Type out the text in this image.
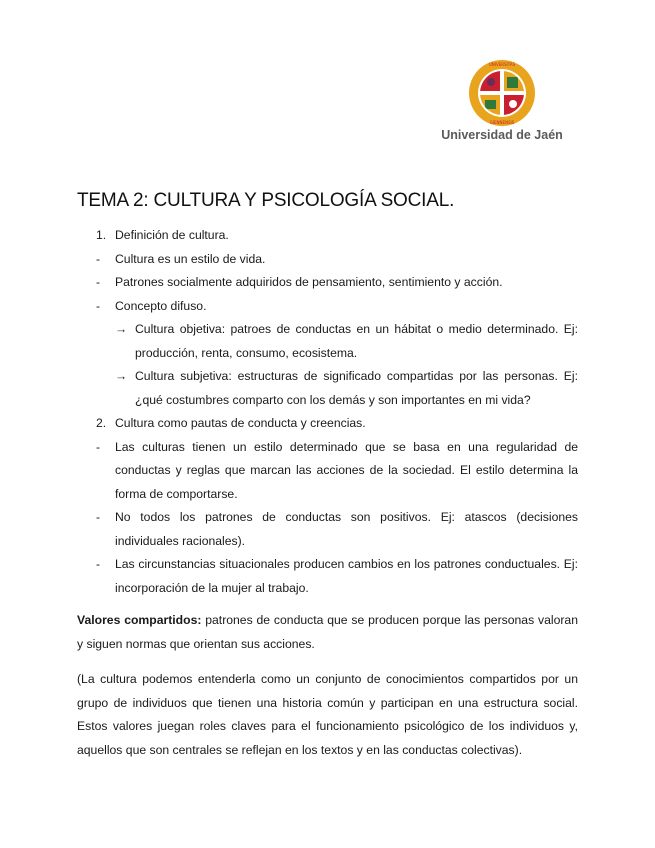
UNIVERSITAS
GIENNENSIS
Universidad de Jaén
TEMA 2: CULTURA Y PSICOLOGÍA SOCIAL.
1. Definición de cultura.
-	Cultura es un estilo de vida.
-	Patrones socialmente adquiridos de pensamiento, sentimiento y acción.
-	Concepto difuso.
→ Cultura objetiva: patroes de conductas en un hábitat o medio determinado. Ej: producción, renta, consumo, ecosistema.
→ Cultura subjetiva: estructuras de significado compartidas por las personas. Ej: ¿qué costumbres comparto con los demás y son importantes en mi vida?
2. Cultura como pautas de conducta y creencias.
-	Las culturas tienen un estilo determinado que se basa en una regularidad de conductas y reglas que marcan las acciones de la sociedad. El estilo determina la forma de comportarse.
-	No todos los patrones de conductas son positivos. Ej: atascos (decisiones individuales racionales).
-	Las circunstancias situacionales producen cambios en los patrones conductuales. Ej: incorporación de la mujer al trabajo.

Valores compartidos: patrones de conducta que se producen porque las personas valoran y siguen normas que orientan sus acciones.

(La cultura podemos entenderla como un conjunto de conocimientos compartidos por un grupo de individuos que tienen una historia común y participan en una estructura social. Estos valores juegan roles claves para el funcionamiento psicológico de los individuos y, aquellos que son centrales se reflejan en los textos y en las conductas colectivas).
